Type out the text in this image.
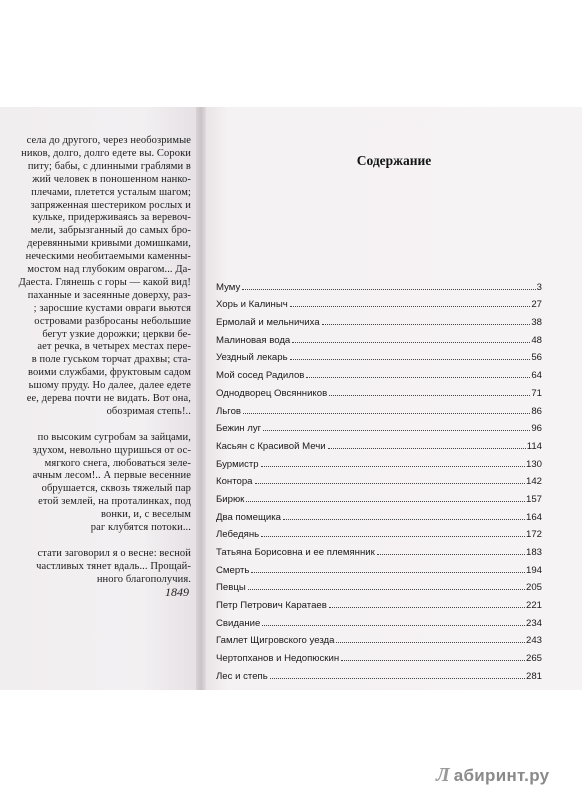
села до другого, через необозримые
ников, долго, долго едете вы. Сороки
питу; бабы, с длинными граблями в
жий человек в поношенном нанко-
плечами, плетется усталым шагом;
запряженная шестериком рослых и
кульке, придерживаясь за веревоч-
мели, забрызганный до самых бро-
деревянными кривыми домишками,
неческими необитаемыми каменны-
мостом над глубоким оврагом... Да-
Даеста. Глянешь с горы — какой вид!
паханные и засеянные доверху, раз-
; заросшие кустами овраги вьются
островами разбросаны небольшие
бегут узкие дорожки; церкви бе-
ает речка, в четырех местах пере-
в поле гуськом торчат драхвы; ста-
воими службами, фруктовым садом
ьшому пруду. Но далее, далее едете
ее, дерева почти не видать. Вот она,
обозримая степь!..
по высоким сугробам за зайцами,
здухом, невольно щуришься от ос-
мягкого снега, любоваться зеле-
ачным лесом!.. А первые весенние
обрушается, сквозь тяжелый пар
етой землей, на проталинках, под
вонки, и, с веселым
раг клубятся потоки...
стати заговорил я о весне: весной
частливых тянет вдаль... Прощай-
нного благополучия.
1849
Содержание
Муму	3
Хорь и Калиныч	27
Ермолай и мельничиха	38
Малиновая вода	48
Уездный лекарь	56
Мой сосед Радилов	64
Однодворец Овсянников	71
Льгов	86
Бежин луг	96
Касьян с Красивой Мечи	114
Бурмистр	130
Контора	142
Бирюк	157
Два помещика	164
Лебедянь	172
Татьяна Борисовна и ее племянник	183
Смерть	194
Певцы	205
Петр Петрович Каратаев	221
Свидание	234
Гамлет Щигровского уезда	243
Чертопханов и Недопюскин	265
Лес и степь	281
Л абиринт.ру
